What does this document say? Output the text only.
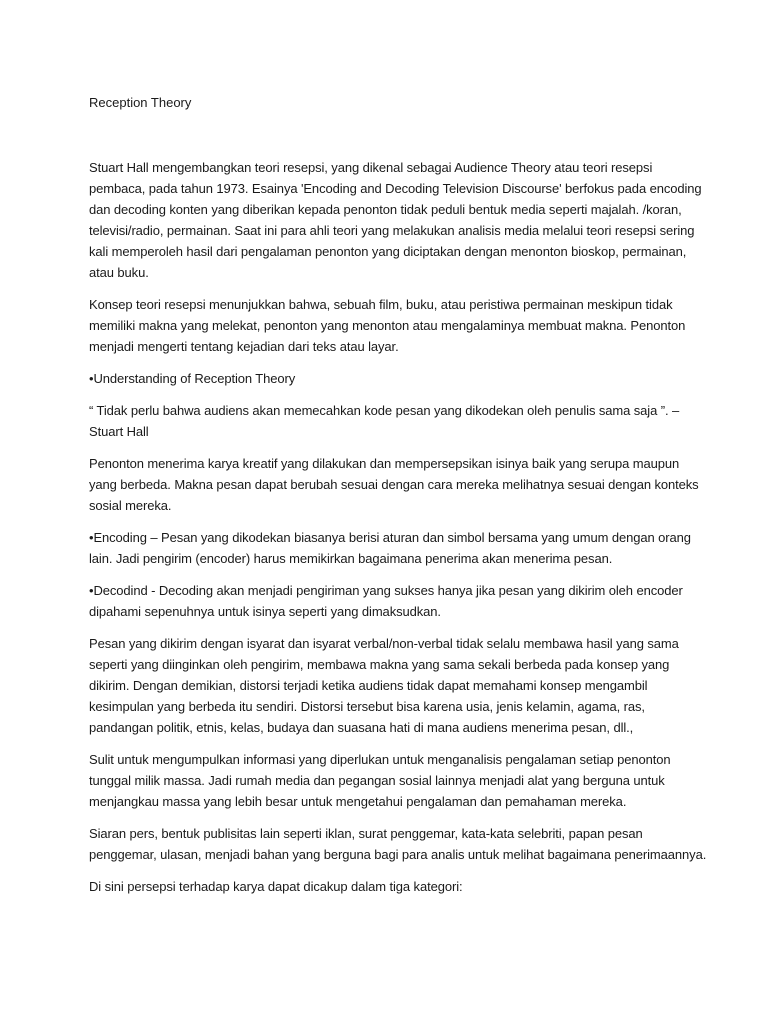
Reception Theory

Stuart Hall mengembangkan teori resepsi, yang dikenal sebagai Audience Theory atau teori resepsi pembaca, pada tahun 1973. Esainya 'Encoding and Decoding Television Discourse' berfokus pada encoding dan decoding konten yang diberikan kepada penonton tidak peduli bentuk media seperti majalah. /koran, televisi/radio, permainan. Saat ini para ahli teori yang melakukan analisis media melalui teori resepsi sering kali memperoleh hasil dari pengalaman penonton yang diciptakan dengan menonton bioskop, permainan, atau buku.

Konsep teori resepsi menunjukkan bahwa, sebuah film, buku, atau peristiwa permainan meskipun tidak memiliki makna yang melekat, penonton yang menonton atau mengalaminya membuat makna. Penonton menjadi mengerti tentang kejadian dari teks atau layar.

•Understanding of Reception Theory

“ Tidak perlu bahwa audiens akan memecahkan kode pesan yang dikodekan oleh penulis sama saja ”. – Stuart Hall

Penonton menerima karya kreatif yang dilakukan dan mempersepsikan isinya baik yang serupa maupun yang berbeda. Makna pesan dapat berubah sesuai dengan cara mereka melihatnya sesuai dengan konteks sosial mereka.

•Encoding – Pesan yang dikodekan biasanya berisi aturan dan simbol bersama yang umum dengan orang lain. Jadi pengirim (encoder) harus memikirkan bagaimana penerima akan menerima pesan.

•Decodind - Decoding akan menjadi pengiriman yang sukses hanya jika pesan yang dikirim oleh encoder dipahami sepenuhnya untuk isinya seperti yang dimaksudkan.

Pesan yang dikirim dengan isyarat dan isyarat verbal/non-verbal tidak selalu membawa hasil yang sama seperti yang diinginkan oleh pengirim, membawa makna yang sama sekali berbeda pada konsep yang dikirim. Dengan demikian, distorsi terjadi ketika audiens tidak dapat memahami konsep mengambil kesimpulan yang berbeda itu sendiri. Distorsi tersebut bisa karena usia, jenis kelamin, agama, ras, pandangan politik, etnis, kelas, budaya dan suasana hati di mana audiens menerima pesan, dll.,

Sulit untuk mengumpulkan informasi yang diperlukan untuk menganalisis pengalaman setiap penonton tunggal milik massa. Jadi rumah media dan pegangan sosial lainnya menjadi alat yang berguna untuk menjangkau massa yang lebih besar untuk mengetahui pengalaman dan pemahaman mereka.

Siaran pers, bentuk publisitas lain seperti iklan, surat penggemar, kata-kata selebriti, papan pesan penggemar, ulasan, menjadi bahan yang berguna bagi para analis untuk melihat bagaimana penerimaannya.

Di sini persepsi terhadap karya dapat dicakup dalam tiga kategori:
